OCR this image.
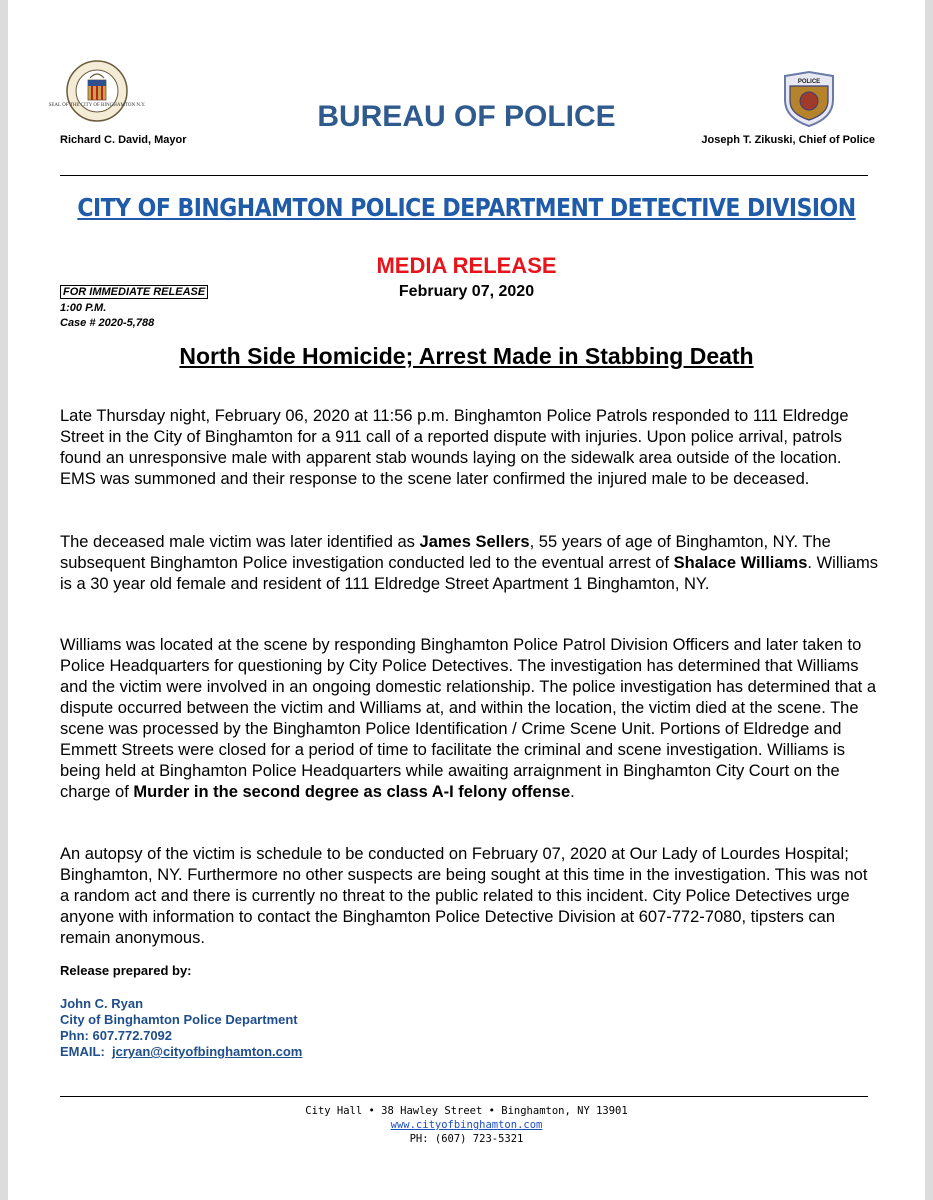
SEAL OF THE CITY OF BINGHAMTON N.Y.
POLICE
BUREAU OF POLICE
Richard C. David, Mayor	Joseph T. Zikuski, Chief of Police
CITY OF BINGHAMTON POLICE DEPARTMENT DETECTIVE DIVISION
MEDIA RELEASE
February 07, 2020
FOR IMMEDIATE RELEASE
1:00 P.M.
Case # 2020-5,788
North Side Homicide; Arrest Made in Stabbing Death
Late Thursday night, February 06, 2020 at 11:56 p.m. Binghamton Police Patrols responded to 111 Eldredge Street in the City of Binghamton for a 911 call of a reported dispute with injuries. Upon police arrival, patrols found an unresponsive male with apparent stab wounds laying on the sidewalk area outside of the location. EMS was summoned and their response to the scene later confirmed the injured male to be deceased.
The deceased male victim was later identified as James Sellers, 55 years of age of Binghamton, NY. The subsequent Binghamton Police investigation conducted led to the eventual arrest of Shalace Williams. Williams is a 30 year old female and resident of 111 Eldredge Street Apartment 1 Binghamton, NY.
Williams was located at the scene by responding Binghamton Police Patrol Division Officers and later taken to Police Headquarters for questioning by City Police Detectives. The investigation has determined that Williams and the victim were involved in an ongoing domestic relationship. The police investigation has determined that a dispute occurred between the victim and Williams at, and within the location, the victim died at the scene. The scene was processed by the Binghamton Police Identification / Crime Scene Unit. Portions of Eldredge and Emmett Streets were closed for a period of time to facilitate the criminal and scene investigation. Williams is being held at Binghamton Police Headquarters while awaiting arraignment in Binghamton City Court on the charge of Murder in the second degree as class A-I felony offense.
An autopsy of the victim is schedule to be conducted on February 07, 2020 at Our Lady of Lourdes Hospital; Binghamton, NY. Furthermore no other suspects are being sought at this time in the investigation. This was not a random act and there is currently no threat to the public related to this incident. City Police Detectives urge anyone with information to contact the Binghamton Police Detective Division at 607-772-7080, tipsters can remain anonymous.
Release prepared by:
John C. Ryan
City of Binghamton Police Department
Phn: 607.772.7092
EMAIL:  jcryan@cityofbinghamton.com
City Hall • 38 Hawley Street • Binghamton, NY 13901
www.cityofbinghamton.com
PH: (607) 723-5321
